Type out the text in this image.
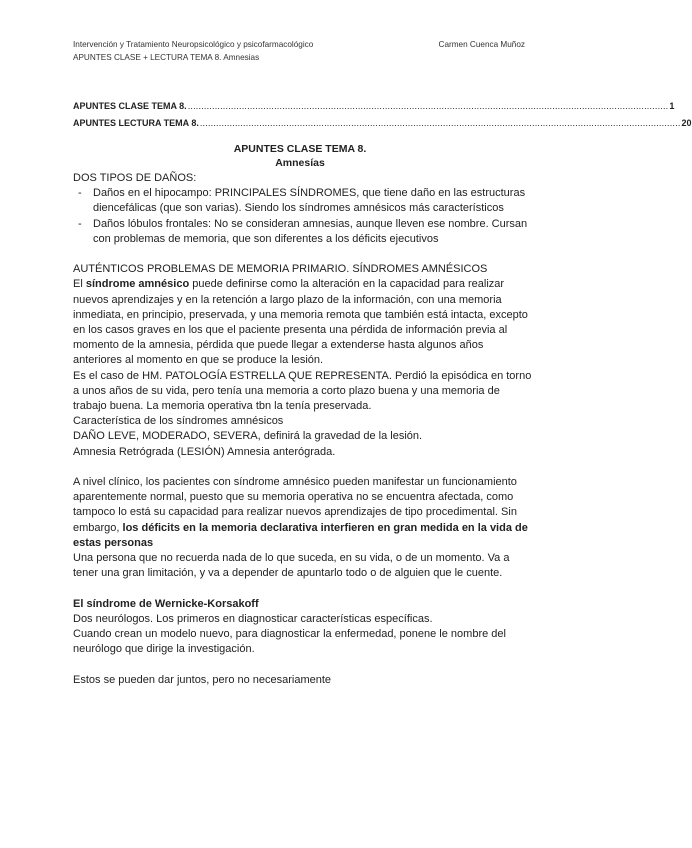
Intervención y Tratamiento Neuropsicológico y psicofarmacológico
APUNTES CLASE + LECTURA TEMA 8. Amnesias
Carmen Cuenca Muñoz
APUNTES CLASE TEMA 8. .................................................................................................................................................................................. 1
APUNTES LECTURA TEMA 8. .................................................................................................................................................................................. 20
APUNTES CLASE TEMA 8.
Amnesías

DOS TIPOS DE DAÑOS:

- Daños en el hipocampo: PRINCIPALES SÍNDROMES, que tiene daño en las estructuras diencefálicas (que son varias). Siendo los síndromes amnésicos más característicos
- Daños lóbulos frontales: No se consideran amnesias, aunque lleven ese nombre. Cursan con problemas de memoria, que son diferentes a los déficits ejecutivos

AUTÉNTICOS PROBLEMAS DE MEMORIA PRIMARIO. SÍNDROMES AMNÉSICOS

El síndrome amnésico puede definirse como la alteración en la capacidad para realizar nuevos aprendizajes y en la retención a largo plazo de la información, con una memoria inmediata, en principio, preservada, y una memoria remota que también está intacta, excepto en los casos graves en los que el paciente presenta una pérdida de información previa al momento de la amnesia, pérdida que puede llegar a extenderse hasta algunos años anteriores al momento en que se produce la lesión.

Es el caso de HM. PATOLOGÍA ESTRELLA QUE REPRESENTA. Perdió la episódica en torno a unos años de su vida, pero tenía una memoria a corto plazo buena y una memoria de trabajo buena. La memoria operativa tbn la tenía preservada.

Característica de los síndromes amnésicos

DAÑO LEVE, MODERADO, SEVERA, definirá la gravedad de la lesión.

Amnesia Retrógrada (LESIÓN) Amnesia anterógrada.

A nivel clínico, los pacientes con síndrome amnésico pueden manifestar un funcionamiento aparentemente normal, puesto que su memoria operativa no se encuentra afectada, como tampoco lo está su capacidad para realizar nuevos aprendizajes de tipo procedimental. Sin embargo, los déficits en la memoria declarativa interfieren en gran medida en la vida de estas personas

Una persona que no recuerda nada de lo que suceda, en su vida, o de un momento. Va a tener una gran limitación, y va a depender de apuntarlo todo o de alguien que le cuente.

El síndrome de Wernicke-Korsakoff

Dos neurólogos. Los primeros en diagnosticar características específicas.

Cuando crean un modelo nuevo, para diagnosticar la enfermedad, ponene le nombre del neurólogo que dirige la investigación.

Estos se pueden dar juntos, pero no necesariamente
